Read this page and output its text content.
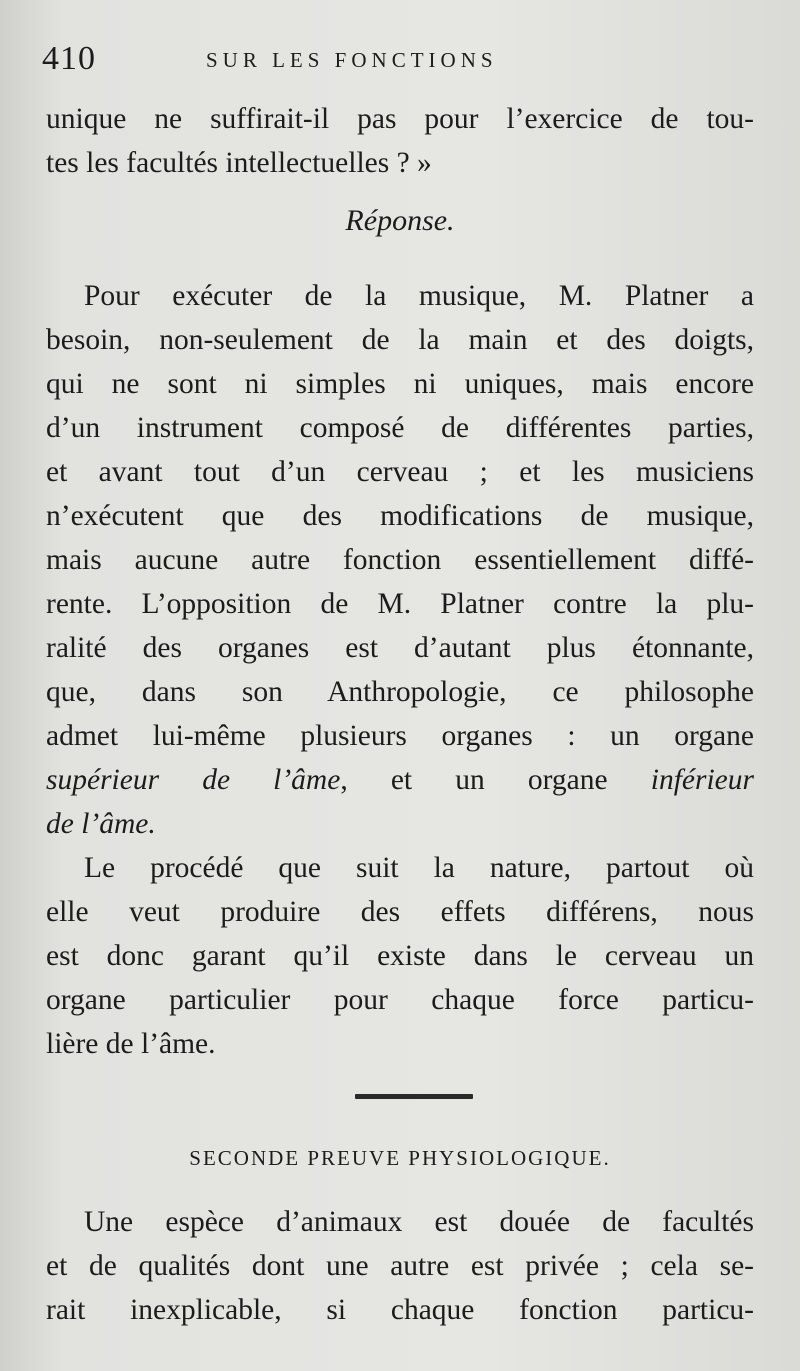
410	SUR LES FONCTIONS
unique ne suffirait-il pas pour l’exercice de tou-
tes les facultés intellectuelles ? »
Réponse.
Pour exécuter de la musique, M. Platner a
besoin, non-seulement de la main et des doigts,
qui ne sont ni simples ni uniques, mais encore
d’un instrument composé de différentes parties,
et avant tout d’un cerveau ; et les musiciens
n’exécutent que des modifications de musique,
mais aucune autre fonction essentiellement diffé-
rente. L’opposition de M. Platner contre la plu-
ralité des organes est d’autant plus étonnante,
que, dans son Anthropologie, ce philosophe
admet lui-même plusieurs organes : un organe
supérieur de l’âme, et un organe inférieur
de l’âme.
Le procédé que suit la nature, partout où
elle veut produire des effets différens, nous
est donc garant qu’il existe dans le cerveau un
organe particulier pour chaque force particu-
lière de l’âme.
SECONDE PREUVE PHYSIOLOGIQUE.
Une espèce d’animaux est douée de facultés
et de qualités dont une autre est privée ; cela se-
rait inexplicable, si chaque fonction particu-
